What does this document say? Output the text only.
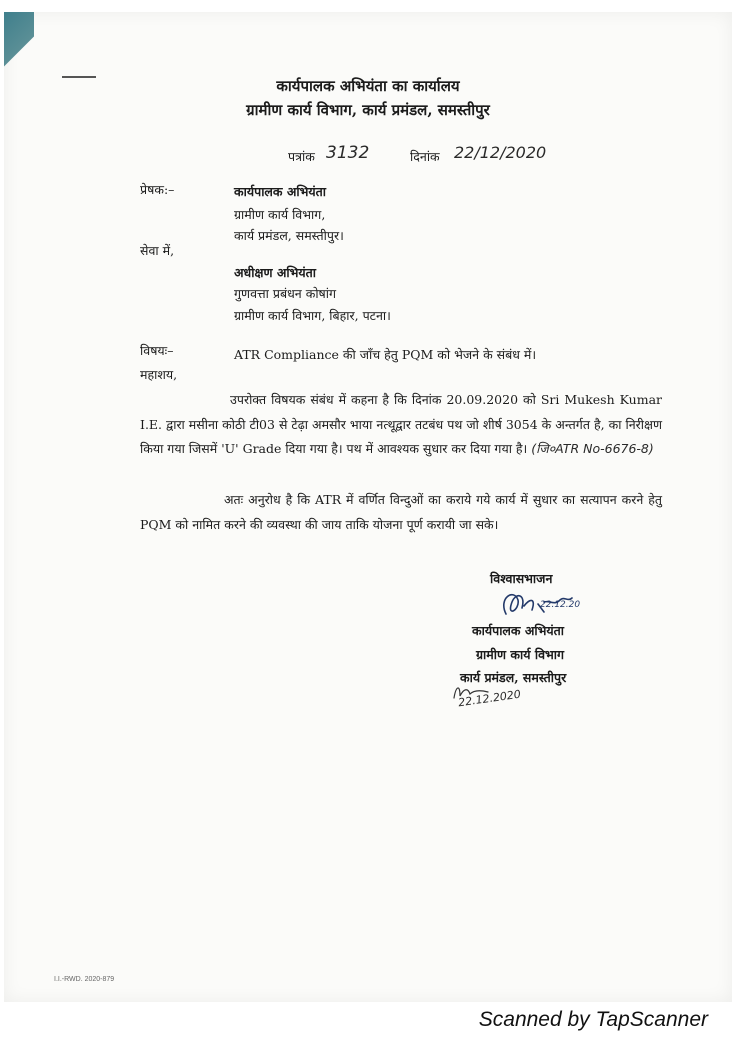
कार्यपालक अभियंता का कार्यालय
ग्रामीण कार्य विभाग, कार्य प्रमंडल, समस्तीपुर
पत्रांक 3132	दिनांक 22/12/2020
प्रेषक:–	कार्यपालक अभियंता
ग्रामीण कार्य विभाग,
कार्य प्रमंडल, समस्तीपुर।
सेवा में,
अधीक्षण अभियंता
गुणवत्ता प्रबंधन कोषांग
ग्रामीण कार्य विभाग, बिहार, पटना।
विषयः–	ATR Compliance की जाँच हेतु PQM को भेजने के संबंध में।
महाशय,
उपरोक्त विषयक संबंध में कहना है कि दिनांक 20.09.2020 को Sri Mukesh Kumar I.E. द्वारा मसीना कोठी टी03 से टेढ़ा अमसौर भाया नत्थूद्वार तटबंध पथ जो शीर्ष 3054 के अन्तर्गत है, का निरीक्षण किया गया जिसमें 'U' Grade दिया गया है। पथ में आवश्यक सुधार कर दिया गया है। (जि०ATR No-6676-8)
अतः अनुरोध है कि ATR में वर्णित विन्दुओं का कराये गये कार्य में सुधार का सत्यापन करने हेतु PQM को नामित करने की व्यवस्था की जाय ताकि योजना पूर्ण करायी जा सके।
विश्वासभाजन
22.12.20
कार्यपालक अभियंता
ग्रामीण कार्य विभाग
कार्य प्रमंडल, समस्तीपुर
22.12.2020
I.I.-RWD. 2020-879
Scanned by TapScanner
